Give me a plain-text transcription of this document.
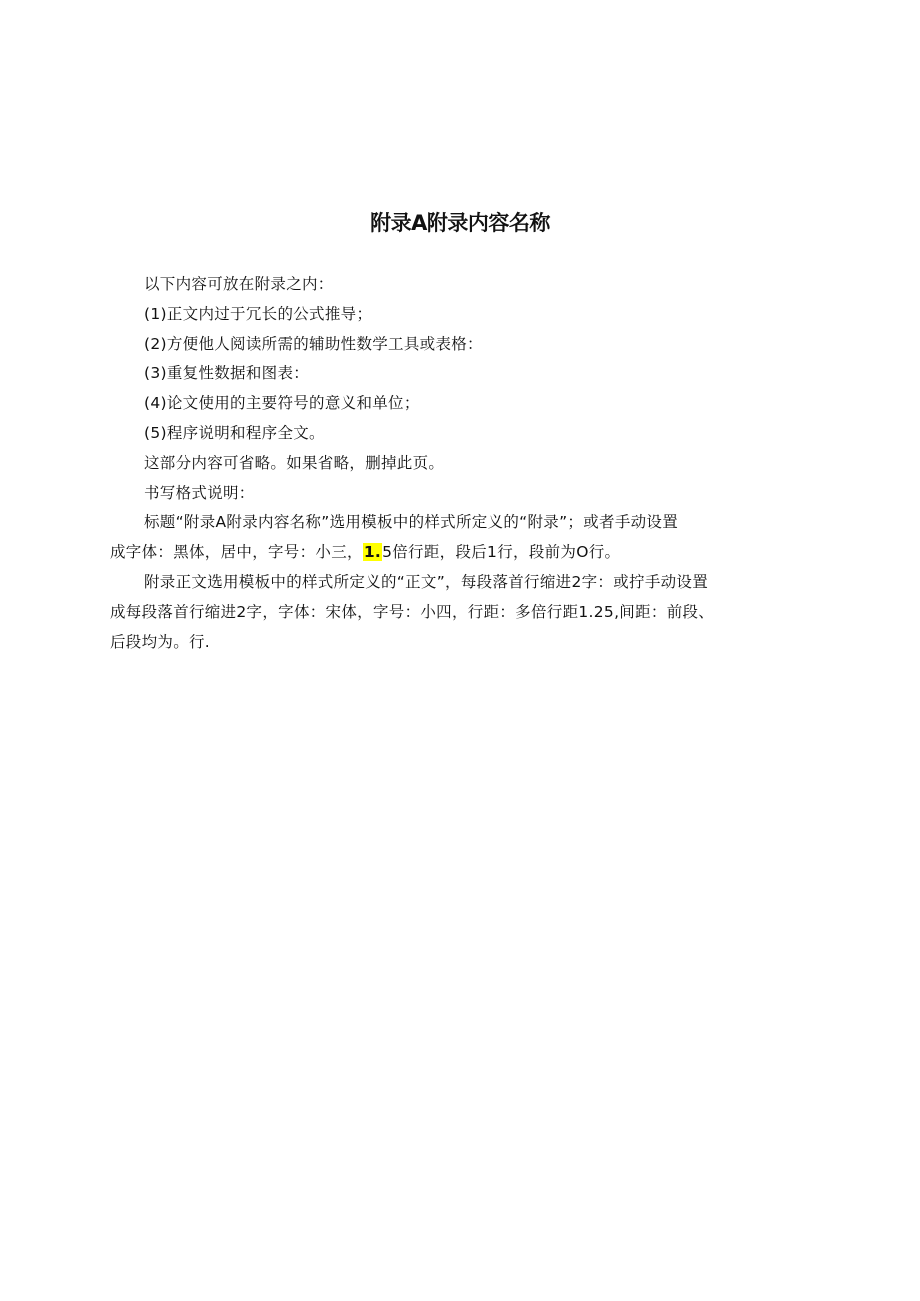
附录A附录内容名称
以下内容可放在附录之内：
(1)正文内过于冗长的公式推导；
(2)方便他人阅读所需的辅助性数学工具或表格：
(3)重复性数据和图表：
(4)论文使用的主要符号的意义和单位；
(5)程序说明和程序全文。
这部分内容可省略。如果省略，删掉此页。
书写格式说明：
标题“附录A附录内容名称”选用模板中的样式所定义的“附录”；或者手动设置
成字体：黑体，居中，字号：小三，1.5倍行距，段后1行，段前为O行。
附录正文选用模板中的样式所定义的“正文”，每段落首行缩进2字：或拧手动设置
成每段落首行缩进2字，字体：宋体，字号：小四，行距：多倍行距1.25,间距：前段、
后段均为。行.
